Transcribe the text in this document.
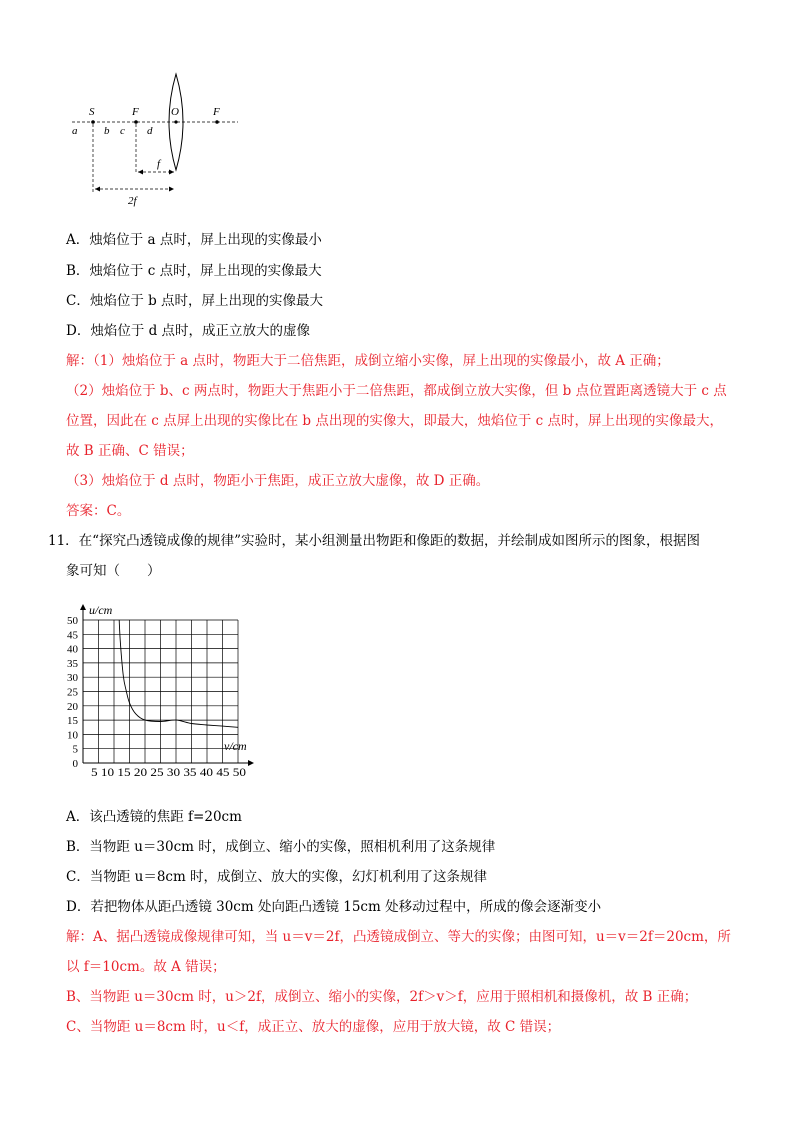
a
S
b c
F
d
O	F
f
2f
A．烛焰位于 a 点时，屏上出现的实像最小
B．烛焰位于 c 点时，屏上出现的实像最大
C．烛焰位于 b 点时，屏上出现的实像最大
D．烛焰位于 d 点时，成正立放大的虚像
解：（1）烛焰位于 a 点时，物距大于二倍焦距，成倒立缩小实像，屏上出现的实像最小，故 A 正确；
（2）烛焰位于 b、c 两点时，物距大于焦距小于二倍焦距，都成倒立放大实像，但 b 点位置距离透镜大于 c 点
位置，因此在 c 点屏上出现的实像比在 b 点出现的实像大，即最大，烛焰位于 c 点时，屏上出现的实像最大，
故 B 正确、C 错误；
（3）烛焰位于 d 点时，物距小于焦距，成正立放大虚像，故 D 正确。
答案：C。
11．在“探究凸透镜成像的规律”实验时，某小组测量出物距和像距的数据，并绘制成如图所示的图象，根据图
象可知（　　）
0
5
10
15
20
25
30
35
40
45
50
5 10 15 20 25 30 35 40 45 50
u/cm
v/cm
A．该凸透镜的焦距 f=20cm
B．当物距 u＝30cm 时，成倒立、缩小的实像，照相机利用了这条规律
C．当物距 u＝8cm 时，成倒立、放大的实像，幻灯机利用了这条规律
D．若把物体从距凸透镜 30cm 处向距凸透镜 15cm 处移动过程中，所成的像会逐渐变小
解：A、据凸透镜成像规律可知，当 u＝v＝2f，凸透镜成倒立、等大的实像；由图可知，u＝v＝2f＝20cm，所
以 f＝10cm。故 A 错误；
B、当物距 u＝30cm 时，u＞2f，成倒立、缩小的实像，2f＞v＞f，应用于照相机和摄像机，故 B 正确；
C、当物距 u＝8cm 时，u＜f，成正立、放大的虚像，应用于放大镜，故 C 错误；
